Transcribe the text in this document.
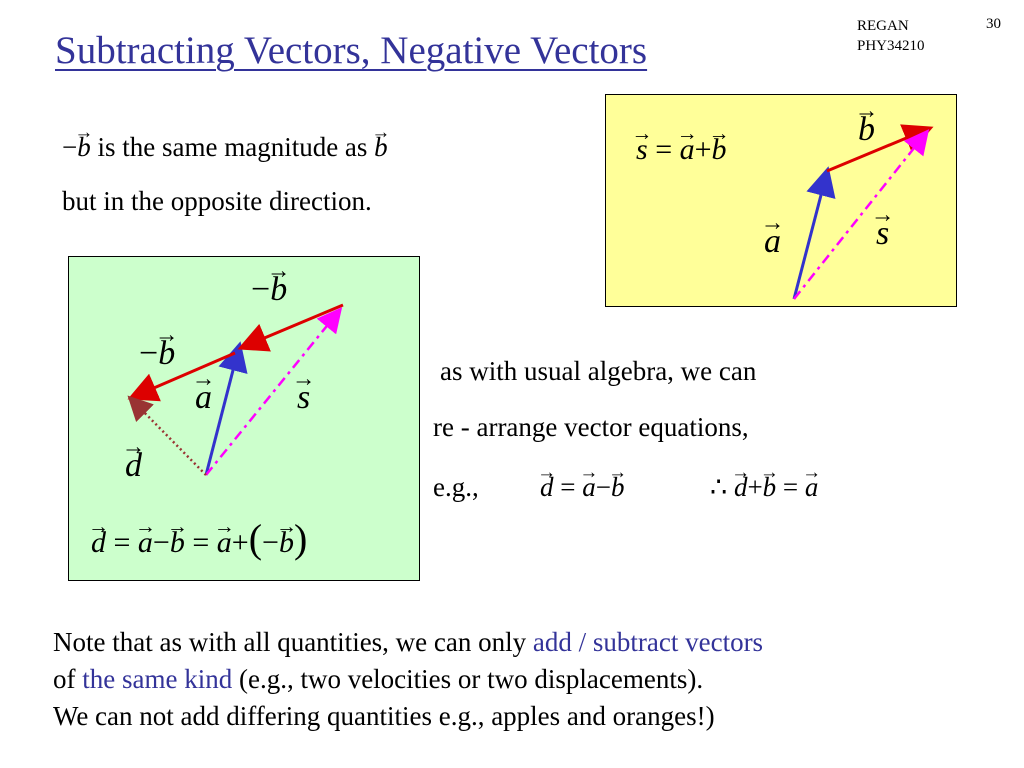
Subtracting Vectors, Negative Vectors
REGAN
PHY34210
30
−→ b is the same magnitude as → b
but in the opposite direction.
→ s = → a+→ b
→ b
→ a	→ s
−→ b
−→ b
→ a	→ s
→ d
→ d = → a−→ b = → a+(−→ b)
as with usual algebra, we can
re - arrange vector equations,
e.g., → d = → a−→ b	∴ → d+→ b = → a
Note that as with all quantities, we can only add / subtract vectors
of the same kind (e.g., two velocities or two displacements).
We can not add differing quantities e.g., apples and oranges!)
